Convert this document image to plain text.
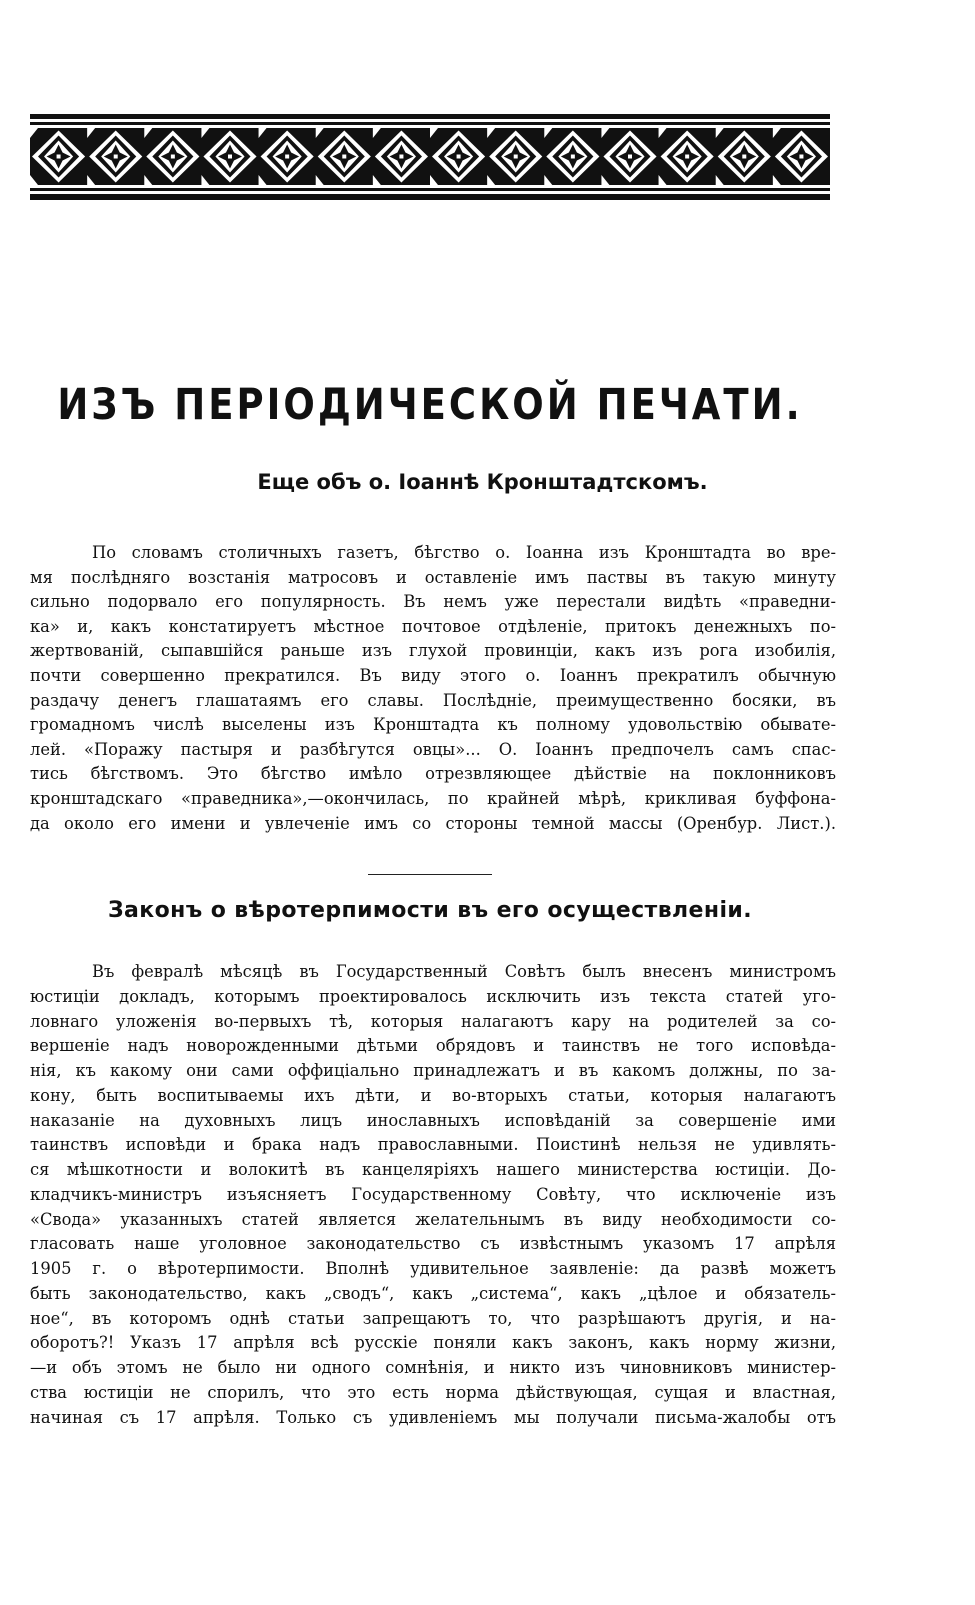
ИЗЪ ПЕРІОДИЧЕСКОЙ ПЕЧАТИ.
Еще объ о. Іоаннѣ Кронштадтскомъ.
По словамъ столичныхъ газетъ, бѣгство о. Іоанна изъ Кронштадта во вре-
мя послѣдняго возстанія матросовъ и оставленіе имъ паствы въ такую минуту
сильно подорвало его популярность. Въ немъ уже перестали видѣть «праведни-
ка» и, какъ констатируетъ мѣстное почтовое отдѣленіе, притокъ денежныхъ по-
жертвованій, сыпавшійся раньше изъ глухой провинціи, какъ изъ рога изобилія,
почти совершенно прекратился. Въ виду этого о. Іоаннъ прекратилъ обычную
раздачу денегъ глашатаямъ его славы. Послѣдніе, преимущественно босяки, въ
громадномъ числѣ выселены изъ Кронштадта къ полному удовольствію обывате-
лей. «Поражу пастыря и разбѣгутся овцы»... О. Іоаннъ предпочелъ самъ спас-
тись бѣгствомъ. Это бѣгство имѣло отрезвляющее дѣйствіе на поклонниковъ
кронштадскаго «праведника»,—окончилась, по крайней мѣрѣ, крикливая буффона-
да около его имени и увлеченіе имъ со стороны темной массы (Оренбур. Лист.).
Законъ о вѣротерпимости въ его осуществленіи.
Въ февралѣ мѣсяцѣ въ Государственный Совѣтъ былъ внесенъ министромъ
юстиціи докладъ, которымъ проектировалось исключить изъ текста статей уго-
ловнаго уложенія во-первыхъ тѣ, которыя налагаютъ кару на родителей за со-
вершеніе надъ новорожденными дѣтьми обрядовъ и таинствъ не того исповѣда-
нія, къ какому они сами оффиціально принадлежатъ и въ какомъ должны, по за-
кону, быть воспитываемы ихъ дѣти, и во-вторыхъ статьи, которыя налагаютъ
наказаніе на духовныхъ лицъ инославныхъ исповѣданій за совершеніе ими
таинствъ исповѣди и брака надъ православными. Поистинѣ нельзя не удивлять-
ся мѣшкотности и волокитѣ въ канцеляріяхъ нашего министерства юстиціи. До-
кладчикъ-министръ изъясняетъ Государственному Совѣту, что исключеніе изъ
«Свода» указанныхъ статей является желательнымъ въ виду необходимости со-
гласовать наше уголовное законодательство съ извѣстнымъ указомъ 17 апрѣля
1905 г. о вѣротерпимости. Вполнѣ удивительное заявленіе: да развѣ можетъ
быть законодательство, какъ „сводъ“, какъ „система“, какъ „цѣлое и обязатель-
ное“, въ которомъ однѣ статьи запрещаютъ то, что разрѣшаютъ другія, и на-
оборотъ?! Указъ 17 апрѣля всѣ русскіе поняли какъ законъ, какъ норму жизни,
—и объ этомъ не было ни одного сомнѣнія, и никто изъ чиновниковъ министер-
ства юстиціи не спорилъ, что это есть норма дѣйствующая, сущая и властная,
начиная съ 17 апрѣля. Только съ удивленіемъ мы получали письма-жалобы отъ
